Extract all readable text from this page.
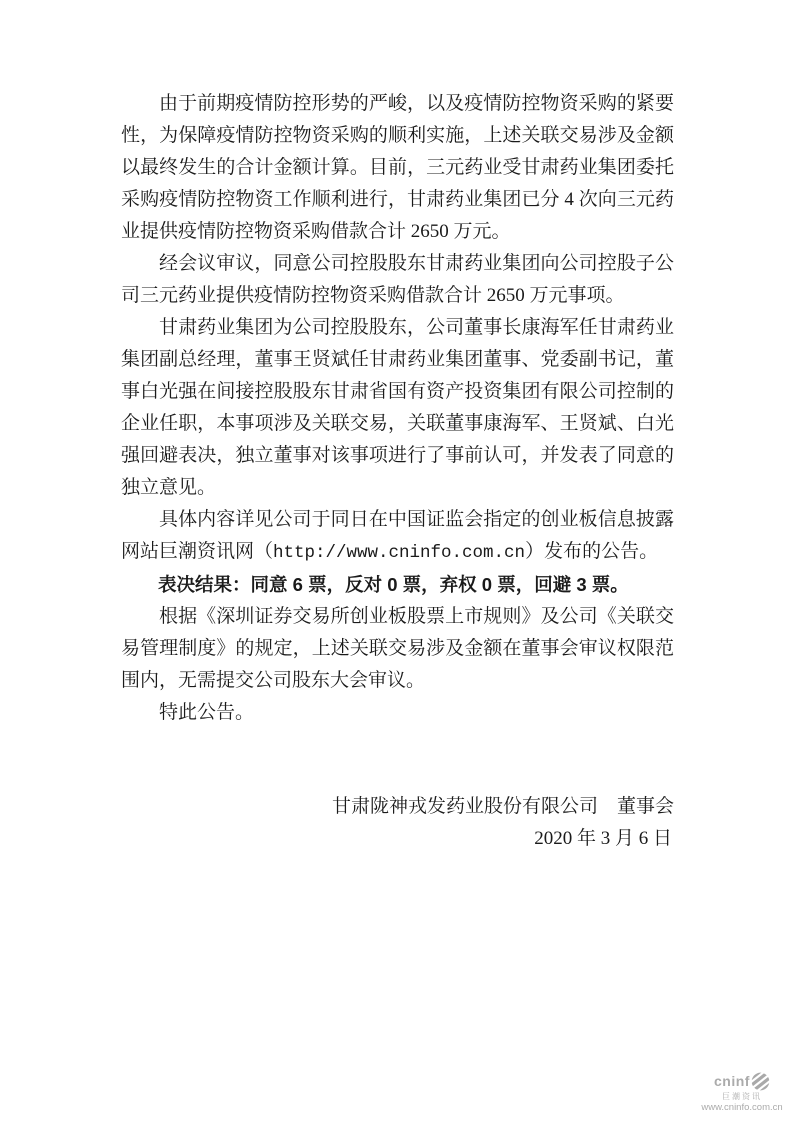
由于前期疫情防控形势的严峻，以及疫情防控物资采购的紧要性，为保障疫情防控物资采购的顺利实施，上述关联交易涉及金额以最终发生的合计金额计算。目前，三元药业受甘肃药业集团委托采购疫情防控物资工作顺利进行，甘肃药业集团已分 4 次向三元药业提供疫情防控物资采购借款合计 2650 万元。

经会议审议，同意公司控股股东甘肃药业集团向公司控股子公司三元药业提供疫情防控物资采购借款合计 2650 万元事项。

甘肃药业集团为公司控股股东，公司董事长康海军任甘肃药业集团副总经理，董事王贤斌任甘肃药业集团董事、党委副书记，董事白光强在间接控股股东甘肃省国有资产投资集团有限公司控制的企业任职，本事项涉及关联交易，关联董事康海军、王贤斌、白光强回避表决，独立董事对该事项进行了事前认可，并发表了同意的独立意见。

具体内容详见公司于同日在中国证监会指定的创业板信息披露网站巨潮资讯网（http://www.cninfo.com.cn）发布的公告。

表决结果：同意 6 票，反对 0 票，弃权 0 票，回避 3 票。

根据《深圳证券交易所创业板股票上市规则》及公司《关联交易管理制度》的规定，上述关联交易涉及金额在董事会审议权限范围内，无需提交公司股东大会审议。

特此公告。

甘肃陇神戎发药业股份有限公司　董事会
2020 年 3 月 6 日
cninf
巨潮资讯
www.cninfo.com.cn
